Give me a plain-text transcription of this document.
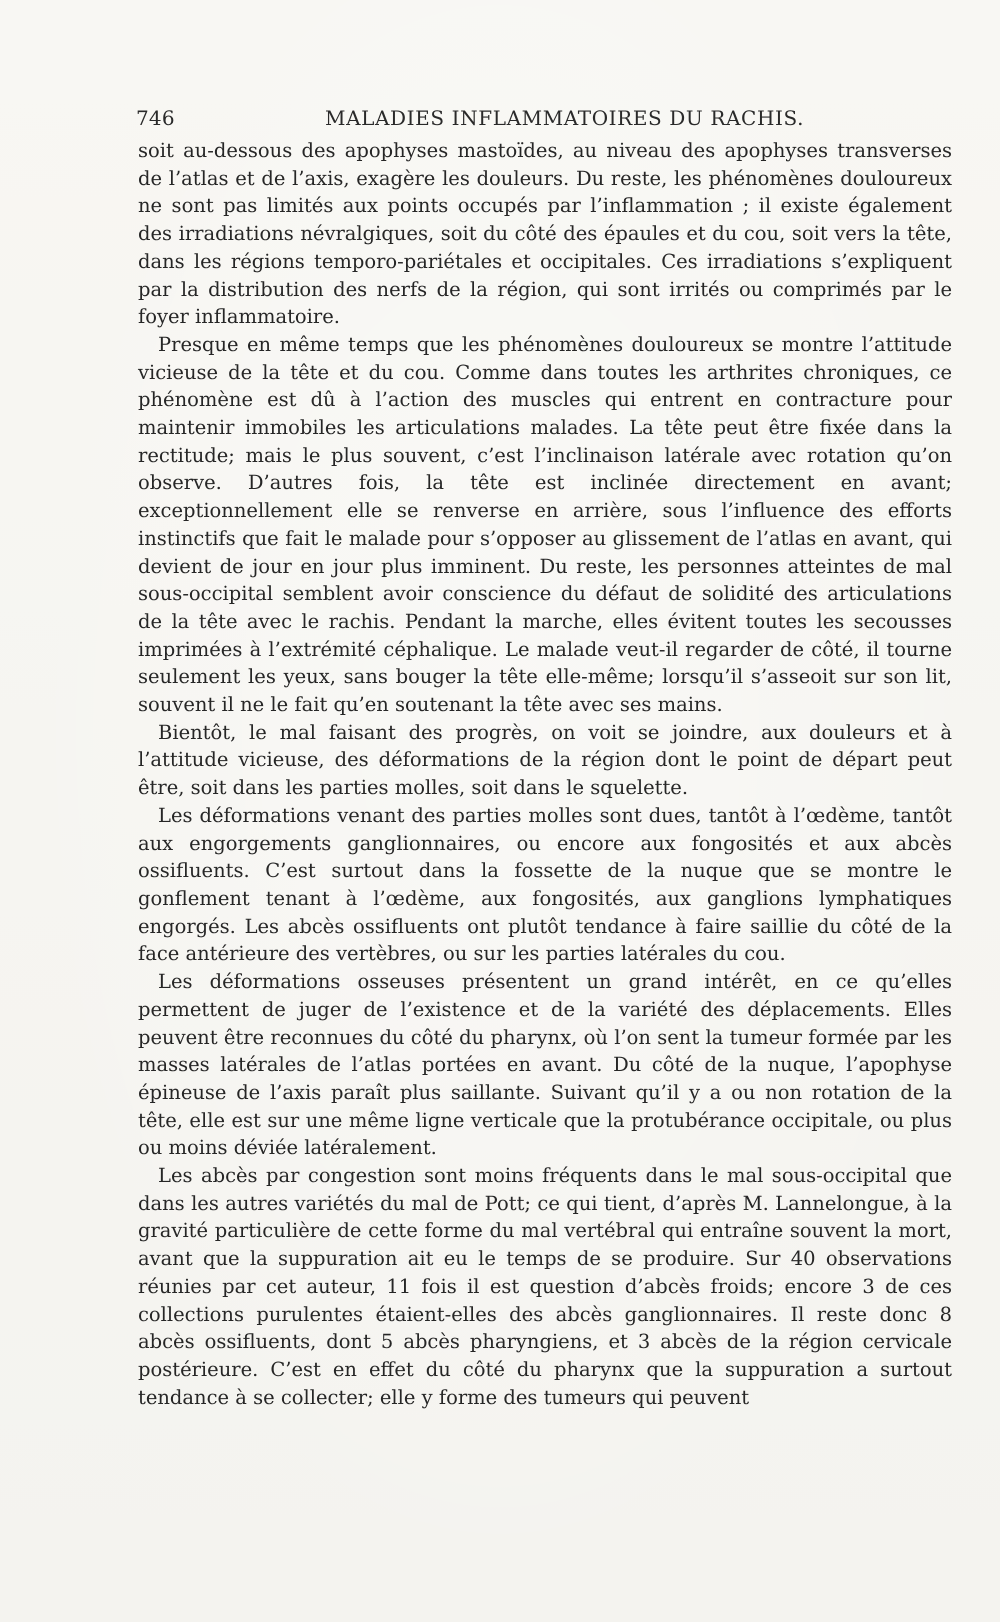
746	MALADIES INFLAMMATOIRES DU RACHIS.

soit au-dessous des apophyses mastoïdes, au niveau des apophyses transverses de l’atlas et de l’axis, exagère les douleurs. Du reste, les phénomènes douloureux ne sont pas limités aux points occupés par l’inflammation ; il existe également des irradiations névralgiques, soit du côté des épaules et du cou, soit vers la tête, dans les régions temporo-pariétales et occipitales. Ces irradiations s’expliquent par la distribution des nerfs de la région, qui sont irrités ou comprimés par le foyer inflammatoire.

Presque en même temps que les phénomènes douloureux se montre l’attitude vicieuse de la tête et du cou. Comme dans toutes les arthrites chroniques, ce phénomène est dû à l’action des muscles qui entrent en contracture pour maintenir immobiles les articulations malades. La tête peut être fixée dans la rectitude; mais le plus souvent, c’est l’inclinaison latérale avec rotation qu’on observe. D’autres fois, la tête est inclinée directement en avant; exceptionnellement elle se renverse en arrière, sous l’influence des efforts instinctifs que fait le malade pour s’opposer au glissement de l’atlas en avant, qui devient de jour en jour plus imminent. Du reste, les personnes atteintes de mal sous-occipital semblent avoir conscience du défaut de solidité des articulations de la tête avec le rachis. Pendant la marche, elles évitent toutes les secousses imprimées à l’extrémité céphalique. Le malade veut-il regarder de côté, il tourne seulement les yeux, sans bouger la tête elle-même; lorsqu’il s’asseoit sur son lit, souvent il ne le fait qu’en soutenant la tête avec ses mains.

Bientôt, le mal faisant des progrès, on voit se joindre, aux douleurs et à l’attitude vicieuse, des déformations de la région dont le point de départ peut être, soit dans les parties molles, soit dans le squelette.

Les déformations venant des parties molles sont dues, tantôt à l’œdème, tantôt aux engorgements ganglionnaires, ou encore aux fongosités et aux abcès ossifluents. C’est surtout dans la fossette de la nuque que se montre le gonflement tenant à l’œdème, aux fongosités, aux ganglions lymphatiques engorgés. Les abcès ossifluents ont plutôt tendance à faire saillie du côté de la face antérieure des vertèbres, ou sur les parties latérales du cou.

Les déformations osseuses présentent un grand intérêt, en ce qu’elles permettent de juger de l’existence et de la variété des déplacements. Elles peuvent être reconnues du côté du pharynx, où l’on sent la tumeur formée par les masses latérales de l’atlas portées en avant. Du côté de la nuque, l’apophyse épineuse de l’axis paraît plus saillante. Suivant qu’il y a ou non rotation de la tête, elle est sur une même ligne verticale que la protubérance occipitale, ou plus ou moins déviée latéralement.

Les abcès par congestion sont moins fréquents dans le mal sous-occipital que dans les autres variétés du mal de Pott; ce qui tient, d’après M. Lannelongue, à la gravité particulière de cette forme du mal vertébral qui entraîne souvent la mort, avant que la suppuration ait eu le temps de se produire. Sur 40 observations réunies par cet auteur, 11 fois il est question d’abcès froids; encore 3 de ces collections purulentes étaient-elles des abcès ganglionnaires. Il reste donc 8 abcès ossifluents, dont 5 abcès pharyngiens, et 3 abcès de la région cervicale postérieure. C’est en effet du côté du pharynx que la suppuration a surtout tendance à se collecter; elle y forme des tumeurs qui peuvent
